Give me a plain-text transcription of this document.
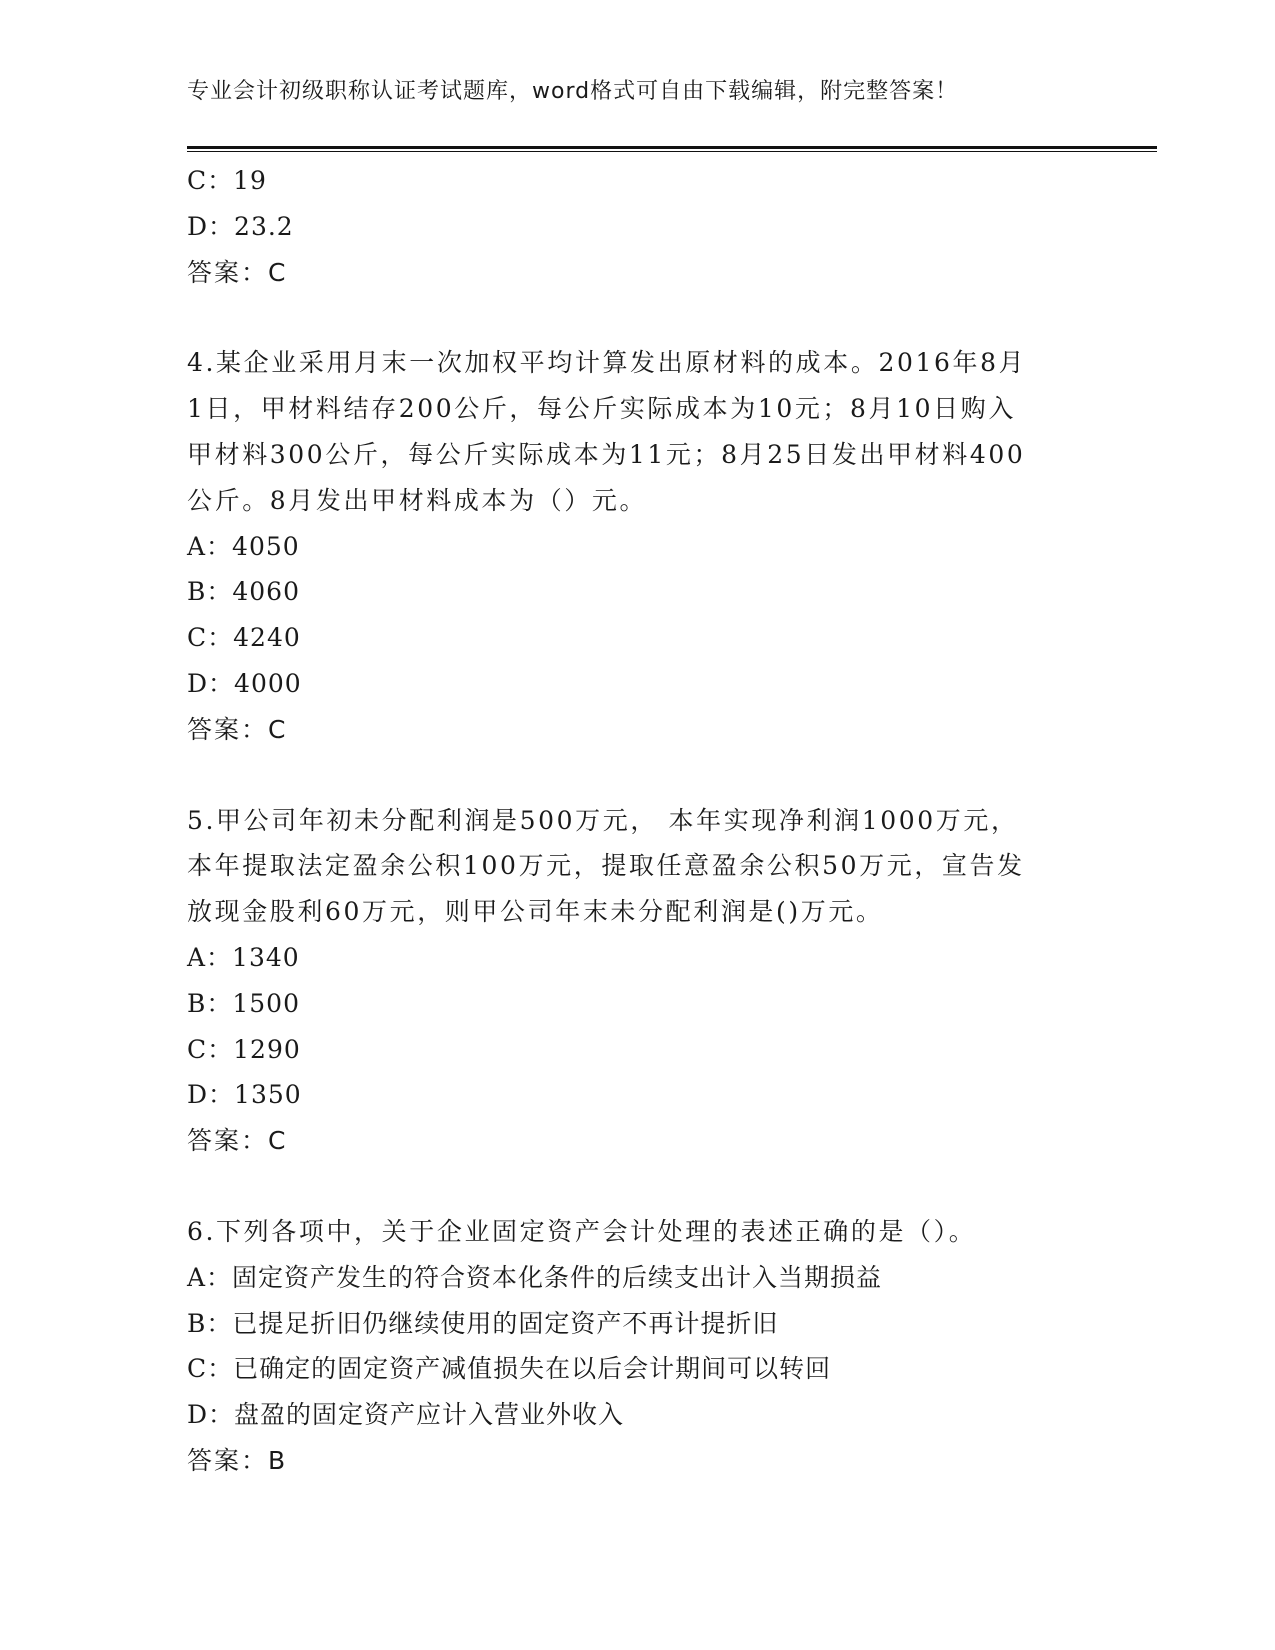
专业会计初级职称认证考试题库，word格式可自由下载编辑，附完整答案！
C：19
D：23.2
答案：C
4.某企业采用月末一次加权平均计算发出原材料的成本。2016年8月
1日，甲材料结存200公斤，每公斤实际成本为10元；8月10日购入
甲材料300公斤，每公斤实际成本为11元；8月25日发出甲材料400
公斤。8月发出甲材料成本为（）元。
A：4050
B：4060
C：4240
D：4000
答案：C
5.甲公司年初未分配利润是500万元， 本年实现净利润1000万元，
本年提取法定盈余公积100万元，提取任意盈余公积50万元，宣告发
放现金股利60万元，则甲公司年末未分配利润是()万元。
A：1340
B：1500
C：1290
D：1350
答案：C
6.下列各项中，关于企业固定资产会计处理的表述正确的是（）。
A：固定资产发生的符合资本化条件的后续支出计入当期损益
B：已提足折旧仍继续使用的固定资产不再计提折旧
C：已确定的固定资产减值损失在以后会计期间可以转回
D：盘盈的固定资产应计入营业外收入
答案：B
